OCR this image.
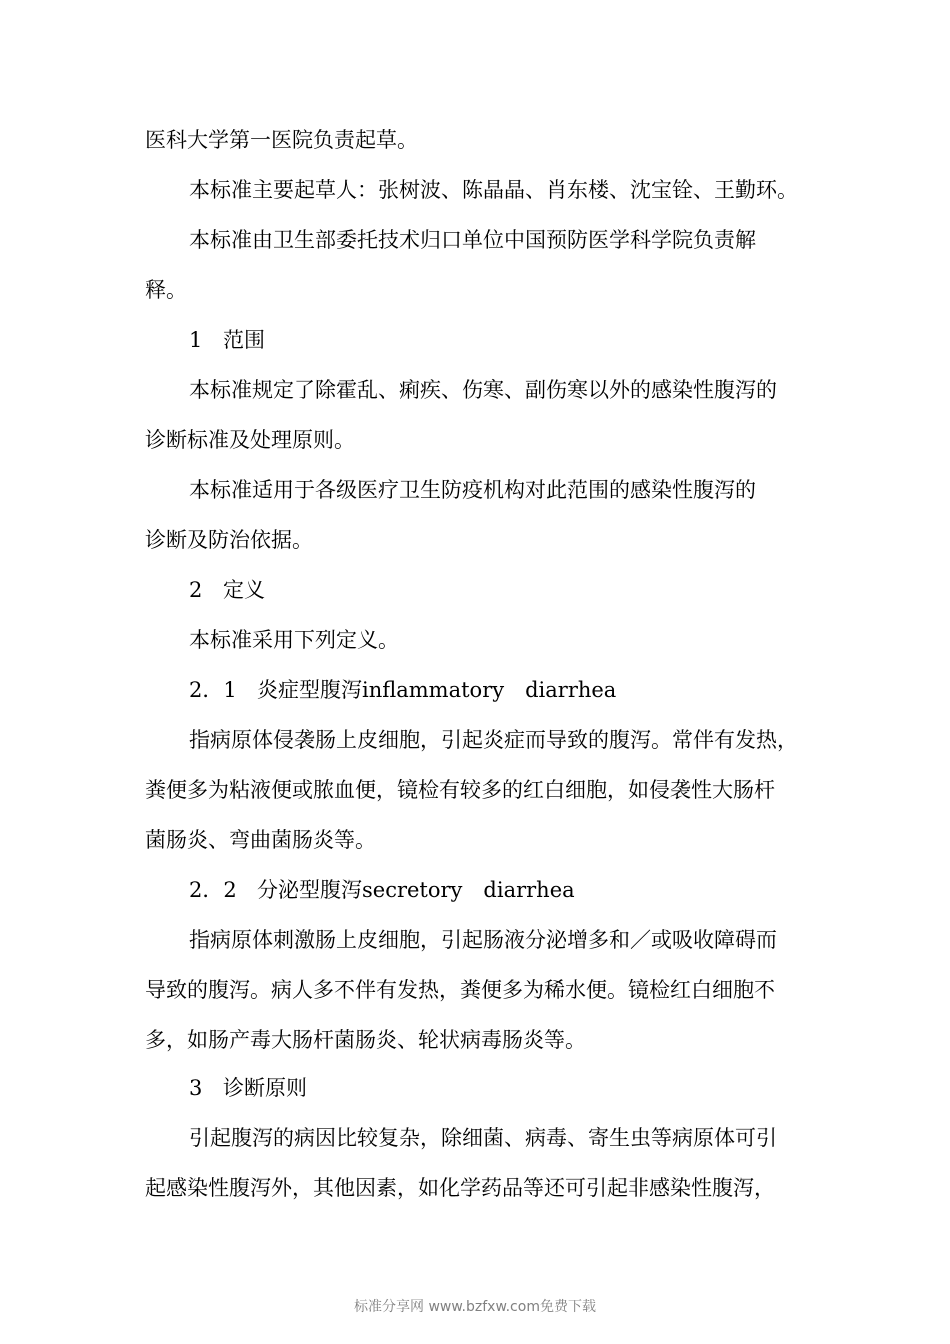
医科大学第一医院负责起草。
本标准主要起草人：张树波、陈晶晶、肖东楼、沈宝铨、王勤环。
本标准由卫生部委托技术归口单位中国预防医学科学院负责解
释。
1 范围
本标准规定了除霍乱、痢疾、伤寒、副伤寒以外的感染性腹泻的
诊断标准及处理原则。
本标准适用于各级医疗卫生防疫机构对此范围的感染性腹泻的
诊断及防治依据。
2 定义
本标准采用下列定义。
2．1 炎症型腹泻inflammatory　diarrhea
指病原体侵袭肠上皮细胞，引起炎症而导致的腹泻。常伴有发热，
粪便多为粘液便或脓血便，镜检有较多的红白细胞，如侵袭性大肠杆
菌肠炎、弯曲菌肠炎等。
2．2 分泌型腹泻secretory　diarrhea
指病原体刺激肠上皮细胞，引起肠液分泌增多和／或吸收障碍而
导致的腹泻。病人多不伴有发热，粪便多为稀水便。镜检红白细胞不
多，如肠产毒大肠杆菌肠炎、轮状病毒肠炎等。
3 诊断原则
引起腹泻的病因比较复杂，除细菌、病毒、寄生虫等病原体可引
起感染性腹泻外，其他因素，如化学药品等还可引起非感染性腹泻，
标准分享网 www.bzfxw.com免费下载
